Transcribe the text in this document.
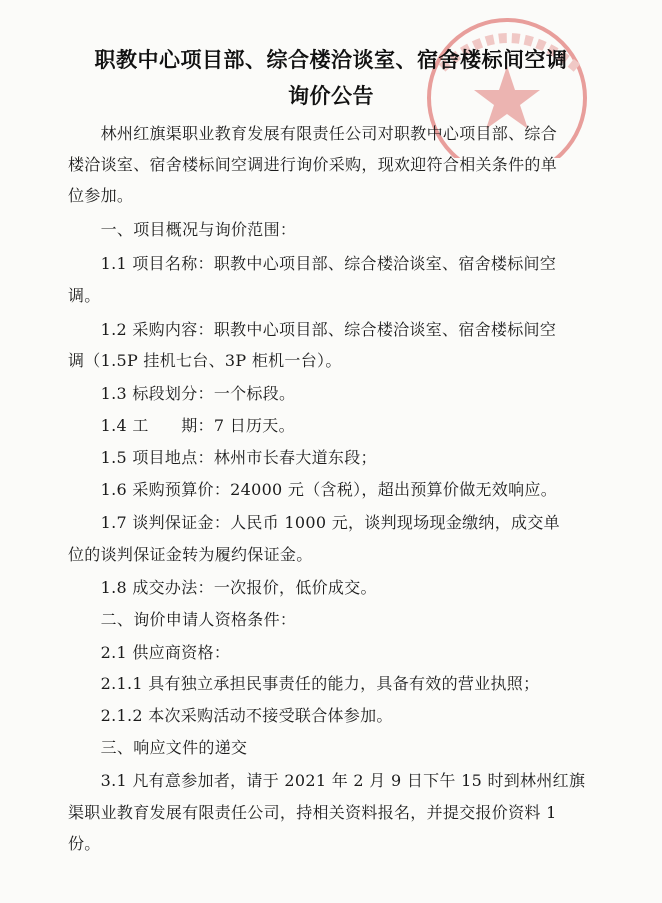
职教中心项目部、综合楼洽谈室、宿舍楼标间空调
询价公告
　　林州红旗渠职业教育发展有限责任公司对职教中心项目部、综合
楼洽谈室、宿舍楼标间空调进行询价采购，现欢迎符合相关条件的单
位参加。
　　一、项目概况与询价范围：
　　1.1 项目名称：职教中心项目部、综合楼洽谈室、宿舍楼标间空
调。
　　1.2 采购内容：职教中心项目部、综合楼洽谈室、宿舍楼标间空
调（1.5P 挂机七台、3P 柜机一台）。
　　1.3 标段划分：一个标段。
　　1.4 工　　期：7 日历天。
　　1.5 项目地点：林州市长春大道东段；
　　1.6 采购预算价：24000 元（含税），超出预算价做无效响应。
　　1.7 谈判保证金：人民币 1000 元，谈判现场现金缴纳，成交单
位的谈判保证金转为履约保证金。
　　1.8 成交办法：一次报价，低价成交。
　　二、询价申请人资格条件：
　　2.1 供应商资格：
　　2.1.1 具有独立承担民事责任的能力，具备有效的营业执照；
　　2.1.2 本次采购活动不接受联合体参加。
　　三、响应文件的递交
　　3.1 凡有意参加者，请于 2021 年 2 月 9 日下午 15 时到林州红旗
渠职业教育发展有限责任公司，持相关资料报名，并提交报价资料 1
份。
